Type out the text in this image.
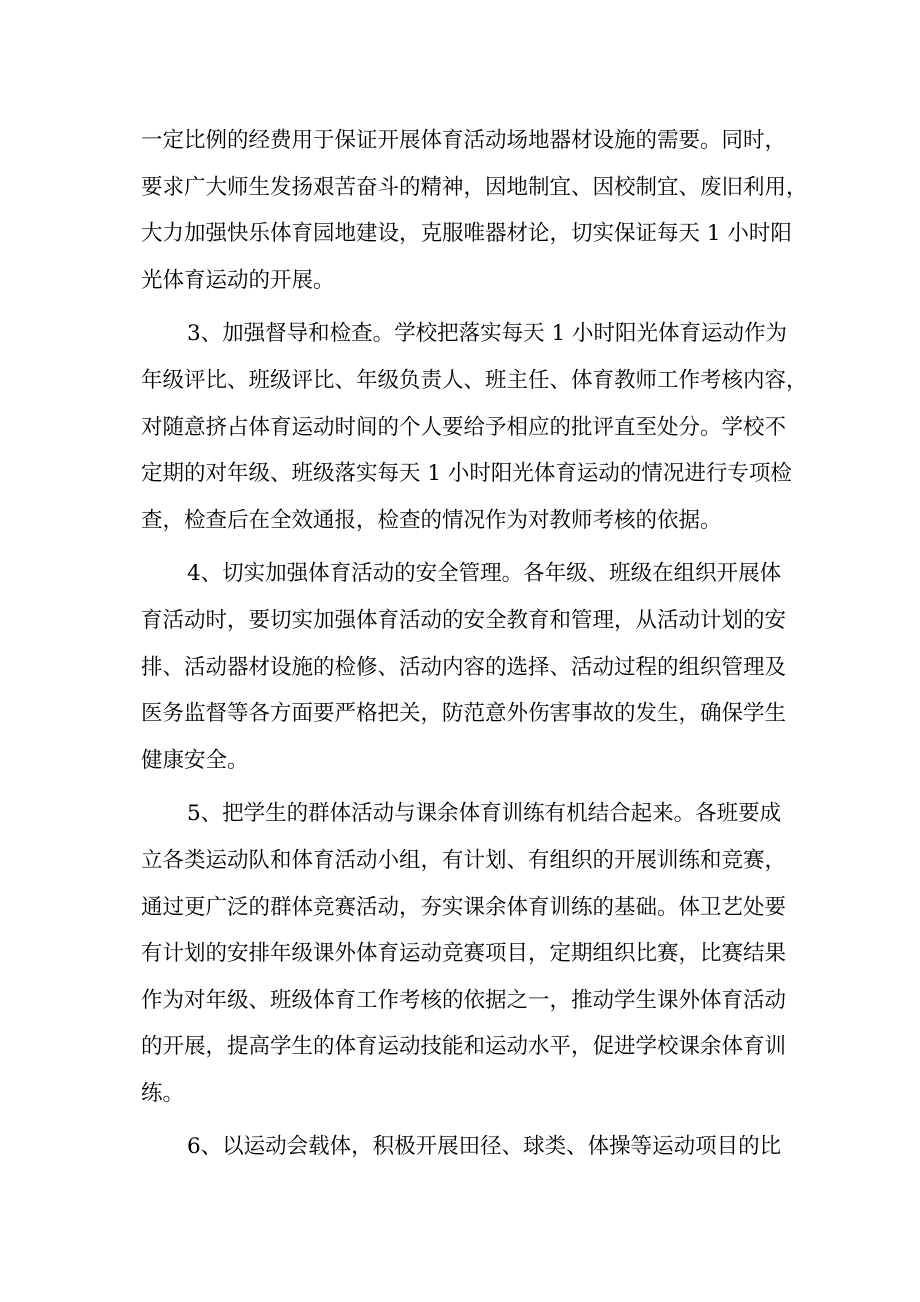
一定比例的经费用于保证开展体育活动场地器材设施的需要。同时，
要求广大师生发扬艰苦奋斗的精神，因地制宜、因校制宜、废旧利用，
大力加强快乐体育园地建设，克服唯器材论，切实保证每天 1 小时阳
光体育运动的开展。

3、加强督导和检查。学校把落实每天 1 小时阳光体育运动作为
年级评比、班级评比、年级负责人、班主任、体育教师工作考核内容，
对随意挤占体育运动时间的个人要给予相应的批评直至处分。学校不
定期的对年级、班级落实每天 1 小时阳光体育运动的情况进行专项检
查，检查后在全效通报，检查的情况作为对教师考核的依据。

4、切实加强体育活动的安全管理。各年级、班级在组织开展体
育活动时，要切实加强体育活动的安全教育和管理，从活动计划的安
排、活动器材设施的检修、活动内容的选择、活动过程的组织管理及
医务监督等各方面要严格把关，防范意外伤害事故的发生，确保学生
健康安全。

5、把学生的群体活动与课余体育训练有机结合起来。各班要成
立各类运动队和体育活动小组，有计划、有组织的开展训练和竞赛，
通过更广泛的群体竞赛活动，夯实课余体育训练的基础。体卫艺处要
有计划的安排年级课外体育运动竞赛项目，定期组织比赛，比赛结果
作为对年级、班级体育工作考核的依据之一，推动学生课外体育活动
的开展，提高学生的体育运动技能和运动水平，促进学校课余体育训
练。

6、以运动会载体，积极开展田径、球类、体操等运动项目的比
